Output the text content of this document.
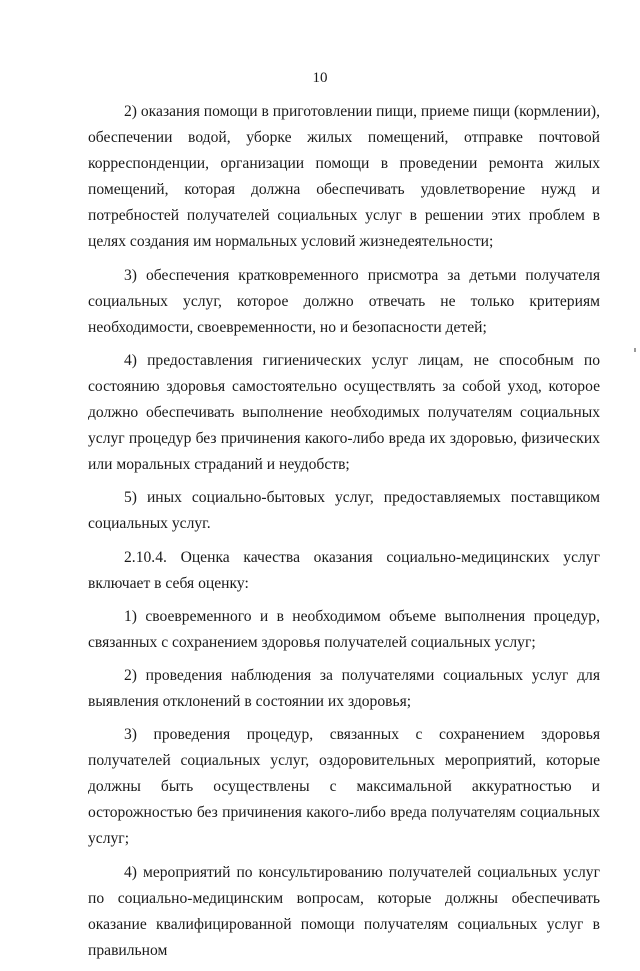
10

2) оказания помощи в приготовлении пищи, приеме пищи (кормлении), обеспечении водой, уборке жилых помещений, отправке почтовой корреспонденции, организации помощи в проведении ремонта жилых помещений, которая должна обеспечивать удовлетворение нужд и потребностей получателей социальных услуг в решении этих проблем в целях создания им нормальных условий жизнедеятельности;

3) обеспечения кратковременного присмотра за детьми получателя социальных услуг, которое должно отвечать не только критериям необходимости, своевременности, но и безопасности детей;

4) предоставления гигиенических услуг лицам, не способным по состоянию здоровья самостоятельно осуществлять за собой уход, которое должно обеспечивать выполнение необходимых получателям социальных услуг процедур без причинения какого-либо вреда их здоровью, физических или моральных страданий и неудобств;

5) иных социально-бытовых услуг, предоставляемых поставщиком социальных услуг.

2.10.4. Оценка качества оказания социально-медицинских услуг включает в себя оценку:

1) своевременного и в необходимом объеме выполнения процедур, связанных с сохранением здоровья получателей социальных услуг;

2) проведения наблюдения за получателями социальных услуг для выявления отклонений в состоянии их здоровья;

3) проведения процедур, связанных с сохранением здоровья получателей социальных услуг, оздоровительных мероприятий, которые должны быть осуществлены с максимальной аккуратностью и осторожностью без причинения какого-либо вреда получателям социальных услуг;

4) мероприятий по консультированию получателей социальных услуг по социально-медицинским вопросам, которые должны обеспечивать оказание квалифицированной помощи получателям социальных услуг в правильном
